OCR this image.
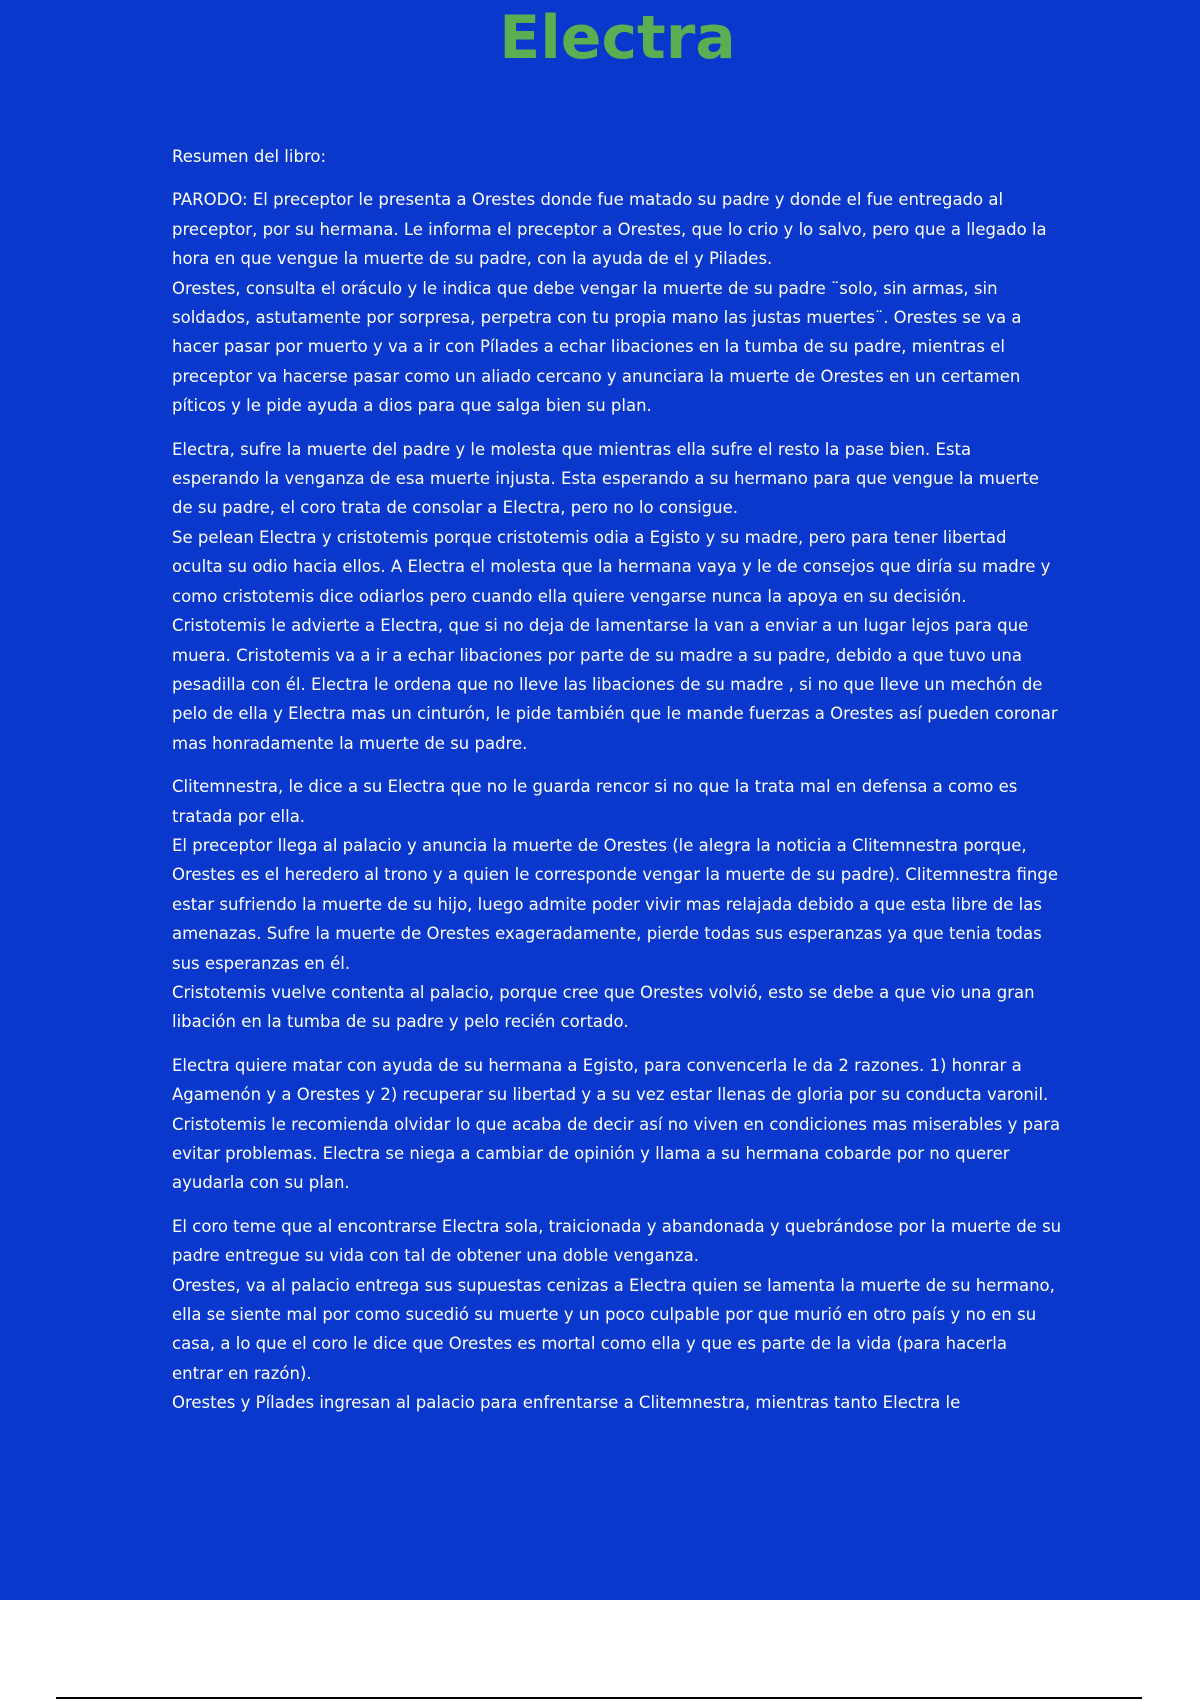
Electra

Resumen del libro:

PARODO: El preceptor le presenta a Orestes donde fue matado su padre y donde el fue entregado al preceptor, por su hermana. Le informa el preceptor a Orestes, que lo crio y lo salvo, pero que a llegado la hora en que vengue la muerte de su padre, con la ayuda de el y Pilades.
Orestes, consulta el oráculo y le indica que debe vengar la muerte de su padre ¨solo, sin armas, sin soldados, astutamente por sorpresa, perpetra con tu propia mano las justas muertes¨. Orestes se va a hacer pasar por muerto y va a ir con Pílades a echar libaciones en la tumba de su padre, mientras el preceptor va hacerse pasar como un aliado cercano y anunciara la muerte de Orestes en un certamen píticos y le pide ayuda a dios para que salga bien su plan.

Electra, sufre la muerte del padre y le molesta que mientras ella sufre el resto la pase bien. Esta esperando la venganza de esa muerte injusta. Esta esperando a su hermano para que vengue la muerte de su padre, el coro trata de consolar a Electra, pero no lo consigue.
Se pelean Electra y cristotemis porque cristotemis odia a Egisto y su madre, pero para tener libertad oculta su odio hacia ellos. A Electra el molesta que la hermana vaya y le de consejos que diría su madre y como cristotemis dice odiarlos pero cuando ella quiere vengarse nunca la apoya en su decisión.
Cristotemis le advierte a Electra, que si no deja de lamentarse la van a enviar a un lugar lejos para que muera. Cristotemis va a ir a echar libaciones por parte de su madre a su padre, debido a que tuvo una pesadilla con él. Electra le ordena que no lleve las libaciones de su madre , si no que lleve un mechón de pelo de ella y Electra mas un cinturón, le pide también que le mande fuerzas a Orestes así pueden coronar mas honradamente la muerte de su padre.

Clitemnestra, le dice a su Electra que no le guarda rencor si no que la trata mal en defensa a como es tratada por ella.
El preceptor llega al palacio y anuncia la muerte de Orestes (le alegra la noticia a Clitemnestra porque, Orestes es el heredero al trono y a quien le corresponde vengar la muerte de su padre). Clitemnestra finge estar sufriendo la muerte de su hijo, luego admite poder vivir mas relajada debido a que esta libre de las amenazas. Sufre la muerte de Orestes exageradamente, pierde todas sus esperanzas ya que tenia todas sus esperanzas en él.
Cristotemis vuelve contenta al palacio, porque cree que Orestes volvió, esto se debe a que vio una gran libación en la tumba de su padre y pelo recién cortado.

Electra quiere matar con ayuda de su hermana a Egisto, para convencerla le da 2 razones. 1) honrar a Agamenón y a Orestes y 2) recuperar su libertad y a su vez estar llenas de gloria por su conducta varonil. Cristotemis le recomienda olvidar lo que acaba de decir así no viven en condiciones mas miserables y para evitar problemas. Electra se niega a cambiar de opinión y llama a su hermana cobarde por no querer ayudarla con su plan.

El coro teme que al encontrarse Electra sola, traicionada y abandonada y quebrándose por la muerte de su padre entregue su vida con tal de obtener una doble venganza.
Orestes, va al palacio entrega sus supuestas cenizas a Electra quien se lamenta la muerte de su hermano, ella se siente mal por como sucedió su muerte y un poco culpable por que murió en otro país y no en su casa, a lo que el coro le dice que Orestes es mortal como ella y que es parte de la vida (para hacerla entrar en razón).
Orestes y Pílades ingresan al palacio para enfrentarse a Clitemnestra, mientras tanto Electra le
